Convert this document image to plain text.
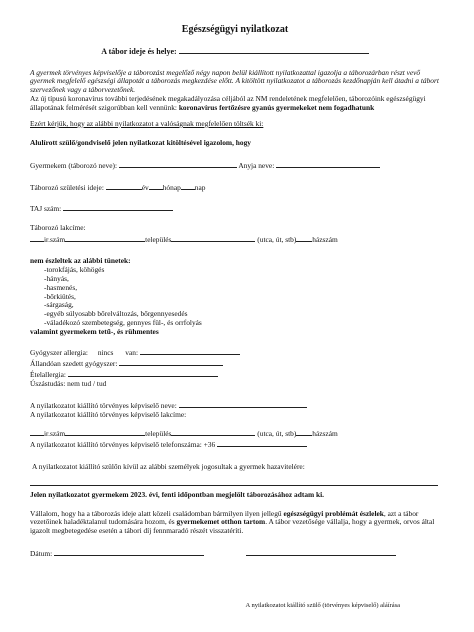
Egészségügyi nyilatkozat
A tábor ideje és helye:
A gyermek törvényes képviselője a táborozást megelőző négy napon belül kiállított nyilatkozattal igazolja a táborozárban részt vevő gyermek megfelelő egészségi állapotát a táborozás megkezdése előtt. A kitöltött nyilatkozatot a táborozás kezdőnapján kell átadni a tábort szervezőnek vagy a táborvezetőnek.
Az új típusú koronavírus további terjedésének megakadályozása céljából az NM rendeletének megfelelően, táborozóink egészségügyi állapotának felmérését szigorúbban kell vennünk: koronavírus fertőzésre gyanús gyermekeket nem fogadhatunk
Ezért kérjük, hogy az alábbi nyilatkozatot a valóságnak megfelelően töltsék ki:
Alulírott szülő/gondviselő jelen nyilatkozat kitöltésével igazolom, hogy
Gyermekem (táborozó neve):	Anyja neve:
Táborozó születési ideje:	év hónap nap
TAJ szám:
Táborozó lakcíme:
ir.szám	település	(utca, út, stb) házszám
nem észleltek az alábbi tünetek:
-torokfájás, köhögés
-hányás,
-hasmenés,
-bőrkiütés,
-sárgaság,
-egyéb súlyosabb bőrelváltozás, bőrgennyesedés
-váladékozó szembetegség, gennyes fül-, és orrfolyás
valamint gyermekem tetű-, és rühmentes
Gyógyszer allergia: nincs van:
Állandóan szedett gyógyszer:
Ételallergia:
Úszástudás: nem tud / tud
A nyilatkozatot kiállító törvényes képviselő neve:
A nyilatkozatot kiállító törvényes képviselő lakcíme:
ir.szám	település	(utca, út, stb) házszám
A nyilatkozatot kiállító törvényes képviselő telefonszáma: +36
A nyilatkozatot kiállító szülőn kívül az alábbi személyek jogosultak a gyermek hazavitelére:
Jelen nyilatkozatot gyermekem 2023. évi, fenti időpontban megjelölt táborozásához adtam ki.
Vállalom, hogy ha a táborozás ideje alatt közeli családomban bármilyen ilyen jellegű egészségügyi problémát észlelek, azt a tábor vezetőinek haladéktalanul tudomására hozom, és gyermekemet otthon tartom. A tábor vezetősége vállalja, hogy a gyermek, orvos által igazolt megbetegedése esetén a tábori díj fennmaradó részét visszatéríti.
Dátum:
A nyilatkozatot kiállító szülő (törvényes képviselő) aláírása
